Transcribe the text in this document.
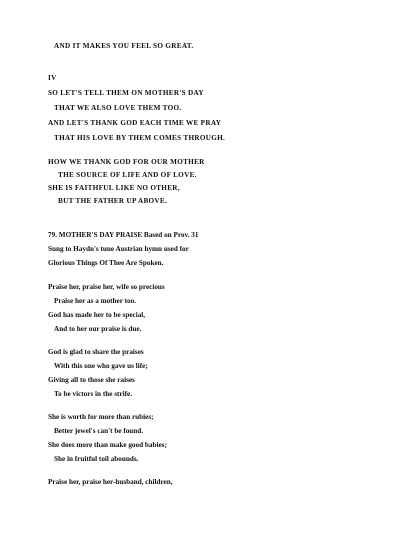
AND IT MAKES YOU FEEL SO GREAT.
IV
SO LET'S TELL THEM ON MOTHER'S DAY
THAT WE ALSO LOVE THEM TOO.
AND LET'S THANK GOD EACH TIME WE PRAY
THAT HIS LOVE BY THEM COMES THROUGH.
HOW WE THANK GOD FOR OUR MOTHER
THE SOURCE OF LIFE AND OF LOVE.
SHE IS FAITHFUL LIKE NO OTHER,
BUT THE FATHER UP ABOVE.
79. MOTHER'S DAY PRAISE Based on Prov. 31
Sung to Haydn's tune Austrian hymn used for
Glorious Things Of Thee Are Spoken.
Praise her, praise her, wife so precious
Praise her as a mother too.
God has made her to be special,
And to her our praise is due.
God is glad to share the praises
With this one who gave us life;
Giving all to those she raises
To be victors in the strife.
She is worth for more than rubies;
Better jewel's can't be found.
She does more than make good babies;
She in fruitful toil abounds.
Praise her, praise her-husband, children,
